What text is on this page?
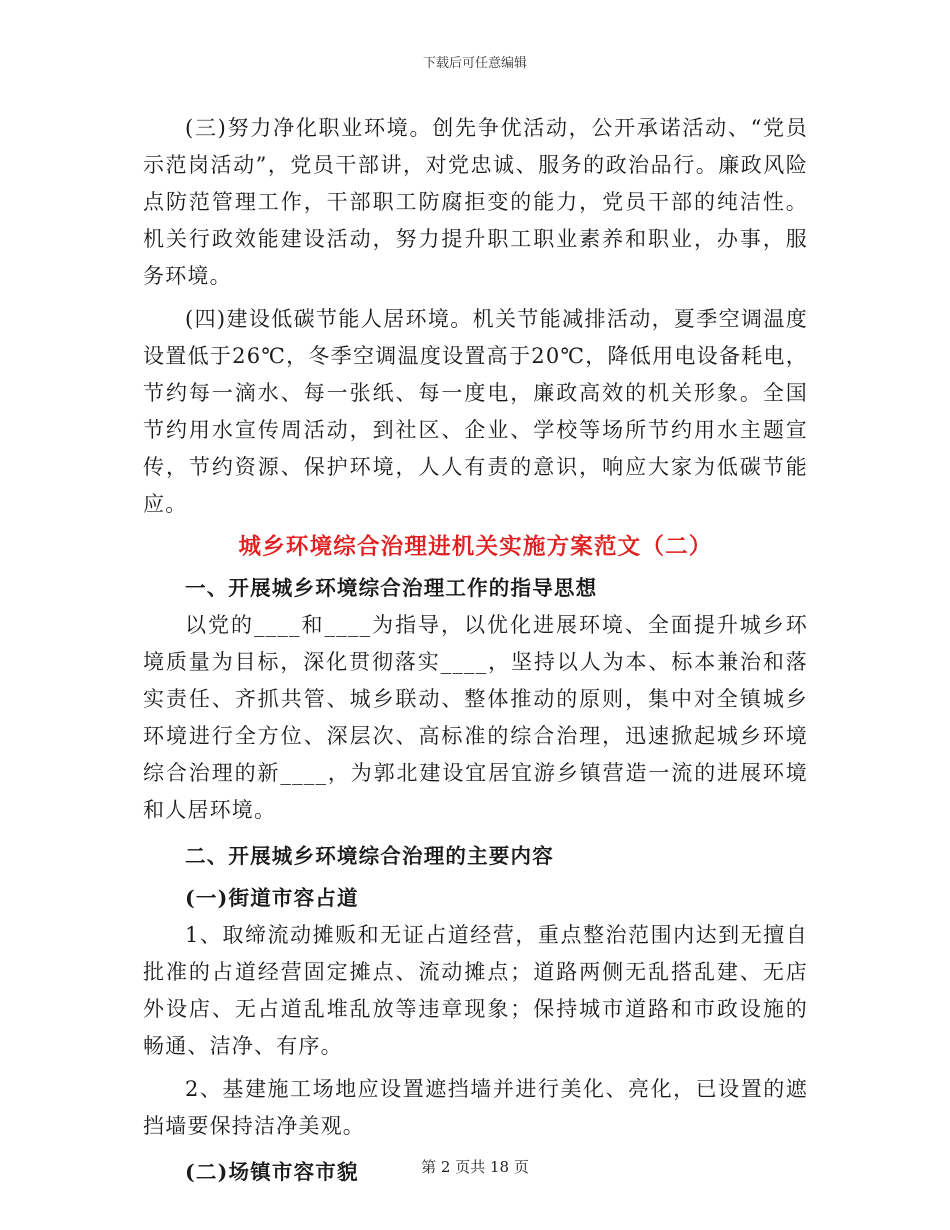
下载后可任意编辑

(三)努力净化职业环境。创先争优活动，公开承诺活动、“党员示范岗活动”，党员干部讲，对党忠诚、服务的政治品行。廉政风险点防范管理工作，干部职工防腐拒变的能力，党员干部的纯洁性。机关行政效能建设活动，努力提升职工职业素养和职业，办事，服务环境。

(四)建设低碳节能人居环境。机关节能减排活动，夏季空调温度设置低于26℃，冬季空调温度设置高于20℃，降低用电设备耗电，节约每一滴水、每一张纸、每一度电，廉政高效的机关形象。全国节约用水宣传周活动，到社区、企业、学校等场所节约用水主题宣传，节约资源、保护环境，人人有责的意识，响应大家为低碳节能应。

城乡环境综合治理进机关实施方案范文（二）

一、开展城乡环境综合治理工作的指导思想

以党的____和____为指导，以优化进展环境、全面提升城乡环境质量为目标，深化贯彻落实____，坚持以人为本、标本兼治和落实责任、齐抓共管、城乡联动、整体推动的原则，集中对全镇城乡环境进行全方位、深层次、高标准的综合治理，迅速掀起城乡环境综合治理的新____，为郭北建设宜居宜游乡镇营造一流的进展环境和人居环境。

二、开展城乡环境综合治理的主要内容

(一)街道市容占道

1、取缔流动摊贩和无证占道经营，重点整治范围内达到无擅自批准的占道经营固定摊点、流动摊点；道路两侧无乱搭乱建、无店外设店、无占道乱堆乱放等违章现象；保持城市道路和市政设施的畅通、洁净、有序。

2、基建施工场地应设置遮挡墙并进行美化、亮化，已设置的遮挡墙要保持洁净美观。

(二)场镇市容市貌	第 2 页共 18 页
